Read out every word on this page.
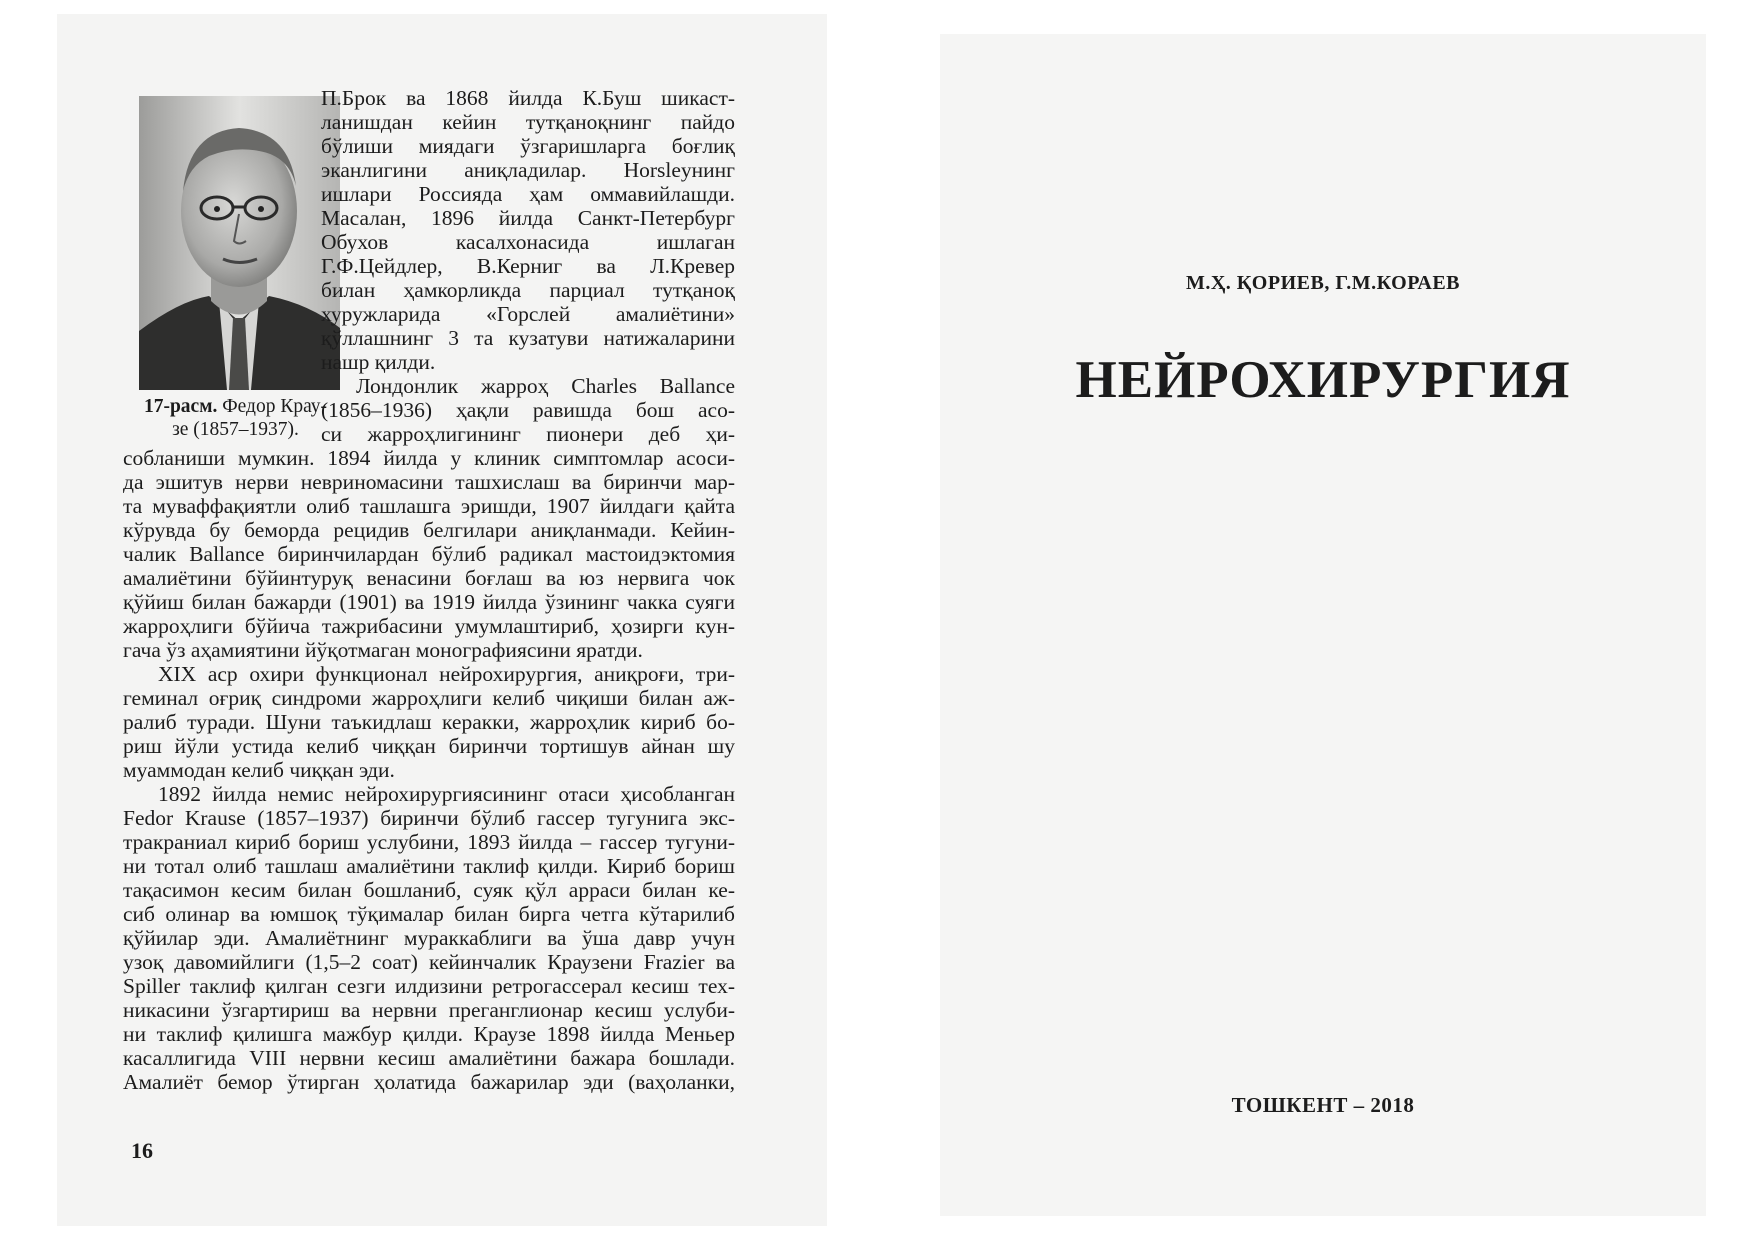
17-расм. Федор Крау-
зе (1857–1937).
П.Брок ва 1868 йилда К.Буш шикаст-
ланишдан кейин тутқаноқнинг пайдо
бўлиши миядаги ўзгаришларга боғлиқ
эканлигини аниқладилар. Horsleyнинг
ишлари Россияда ҳам оммавийлашди.
Масалан, 1896 йилда Санкт-Петербург
Обухов касалхонасида ишлаган
Г.Ф.Цейдлер, В.Керниг ва Л.Кревер
билан ҳамкорликда парциал тутқаноқ
хуружларида «Горслей амалиётини»
қўллашнинг 3 та кузатуви натижаларини
нашр қилди.
Лондонлик жарроҳ Charles Ballance
(1856–1936) ҳақли равишда бош асо-
си жарроҳлигининг пионери деб ҳи-
собланиши мумкин. 1894 йилда у клиник симптомлар асоси-
да эшитув нерви невриномасини ташхислаш ва биринчи мар-
та муваффақиятли олиб ташлашга эришди, 1907 йилдаги қайта
кўрувда бу беморда рецидив белгилари аниқланмади. Кейин-
чалик Ballance биринчилардан бўлиб радикал мастоидэктомия
амалиётини бўйинтуруқ венасини боғлаш ва юз нервига чок
қўйиш билан бажарди (1901) ва 1919 йилда ўзининг чакка суяги
жарроҳлиги бўйича тажрибасини умумлаштириб, ҳозирги кун-
гача ўз аҳамиятини йўқотмаган монографиясини яратди.
XIX аср охири функционал нейрохирургия, аниқроғи, три-
геминал оғриқ синдроми жарроҳлиги келиб чиқиши билан аж-
ралиб туради. Шуни таъкидлаш керакки, жарроҳлик кириб бо-
риш йўли устида келиб чиққан биринчи тортишув айнан шу
муаммодан келиб чиққан эди.
1892 йилда немис нейрохирургиясининг отаси ҳисобланган
Fedor Krause (1857–1937) биринчи бўлиб гассер тугунига экс-
тракраниал кириб бориш услубини, 1893 йилда – гассер тугуни-
ни тотал олиб ташлаш амалиётини таклиф қилди. Кириб бориш
тақасимон кесим билан бошланиб, суяк қўл арраси билан ке-
сиб олинар ва юмшоқ тўқималар билан бирга четга кўтарилиб
қўйилар эди. Амалиётнинг мураккаблиги ва ўша давр учун
узоқ давомийлиги (1,5–2 соат) кейинчалик Краузени Frazier ва
Spiller таклиф қилган сезги илдизини ретрогассерал кесиш тех-
никасини ўзгартириш ва нервни преганглионар кесиш услуби-
ни таклиф қилишга мажбур қилди. Краузе 1898 йилда Меньер
касаллигида VIII нервни кесиш амалиётини бажара бошлади.
Амалиёт бемор ўтирган ҳолатида бажарилар эди (ваҳоланки,
16
М.Ҳ. ҚОРИЕВ, Г.М.КОРАЕВ
НЕЙРОХИРУРГИЯ
ТОШКЕНТ – 2018
